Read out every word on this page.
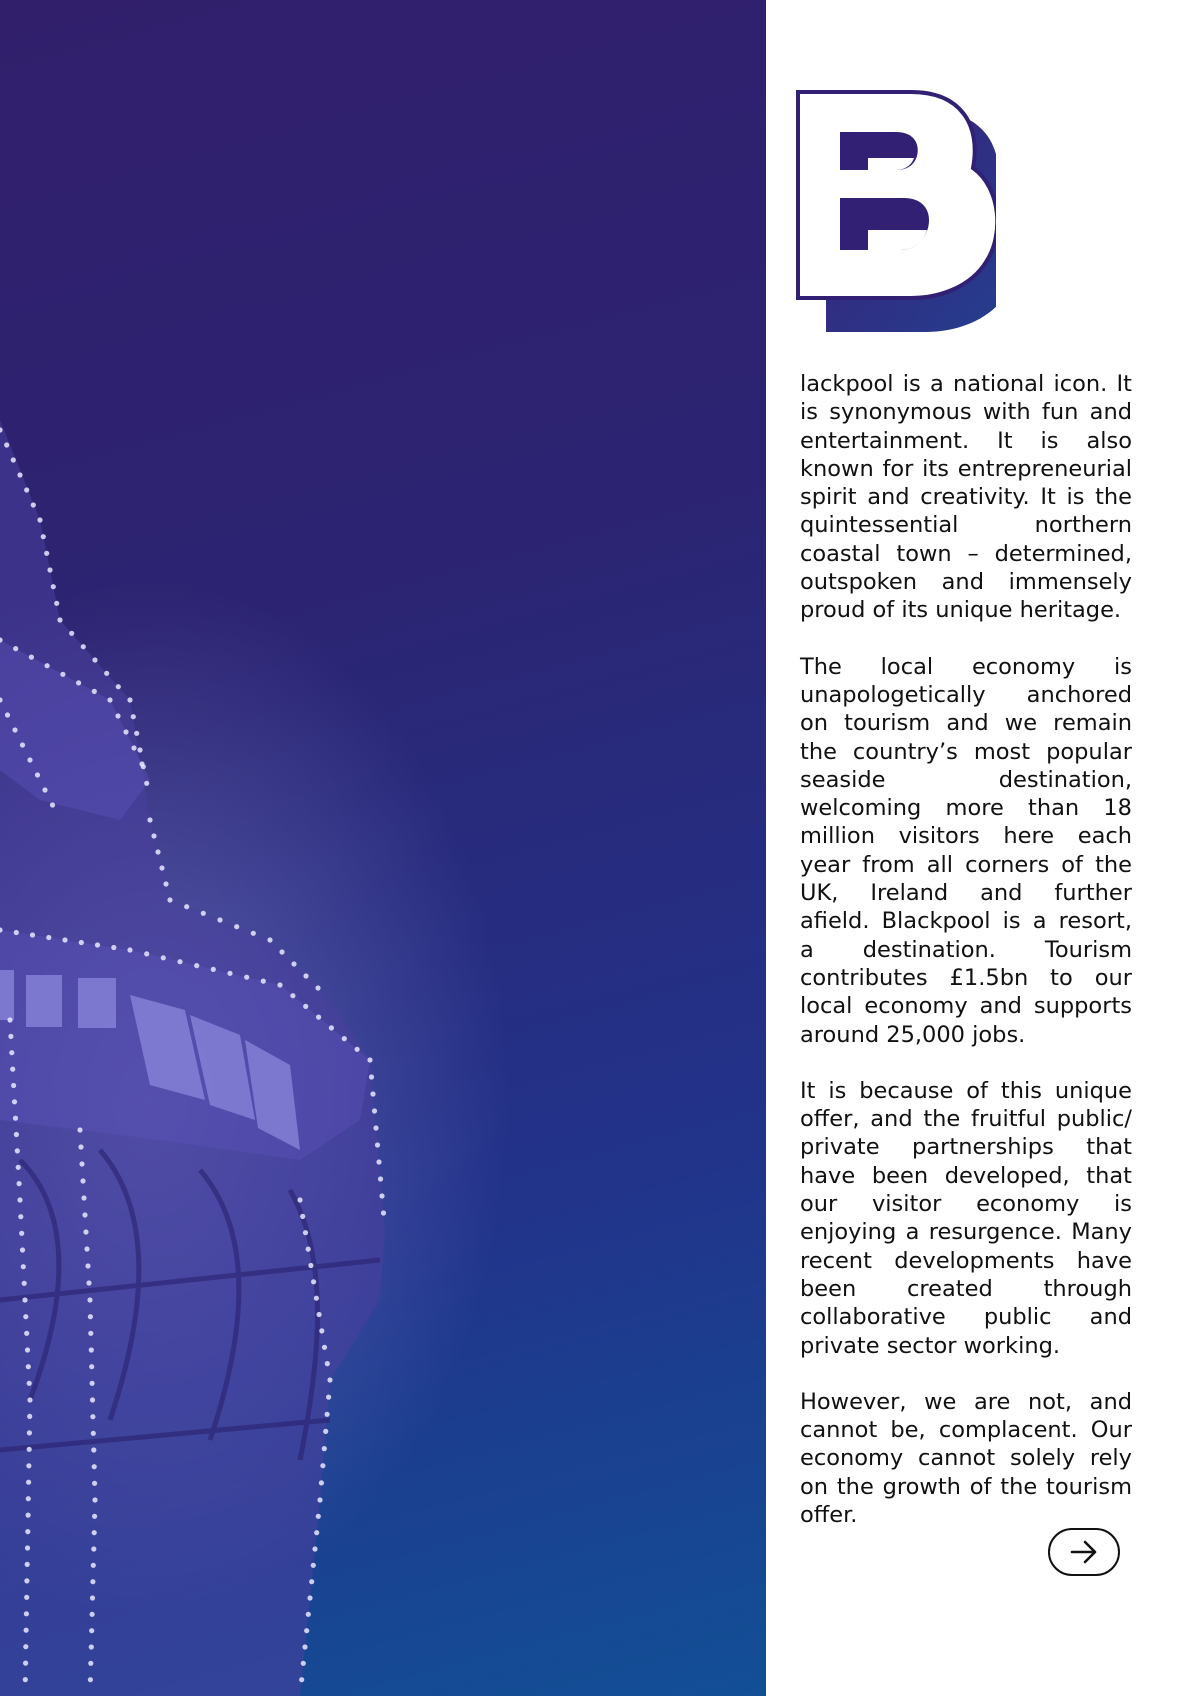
lackpool is a national icon. It is synonymous with fun and entertainment. It is also known for its entrepreneurial spirit and creativity. It is the quintessential northern coastal town – determined, outspoken and immensely proud of its unique heritage.

The local economy is unapologetically anchored on tourism and we remain the country’s most popular seaside destination, welcoming more than 18 million visitors here each year from all corners of the UK, Ireland and further afield. Blackpool is a resort, a destination. Tourism contributes £1.5bn to our local economy and supports around 25,000 jobs.

It is because of this unique offer, and the fruitful public/ private partnerships that have been developed, that our visitor economy is enjoying a resurgence. Many recent developments have been created through collaborative public and private sector working.

However, we are not, and cannot be, complacent. Our economy cannot solely rely on the growth of the tourism offer.
